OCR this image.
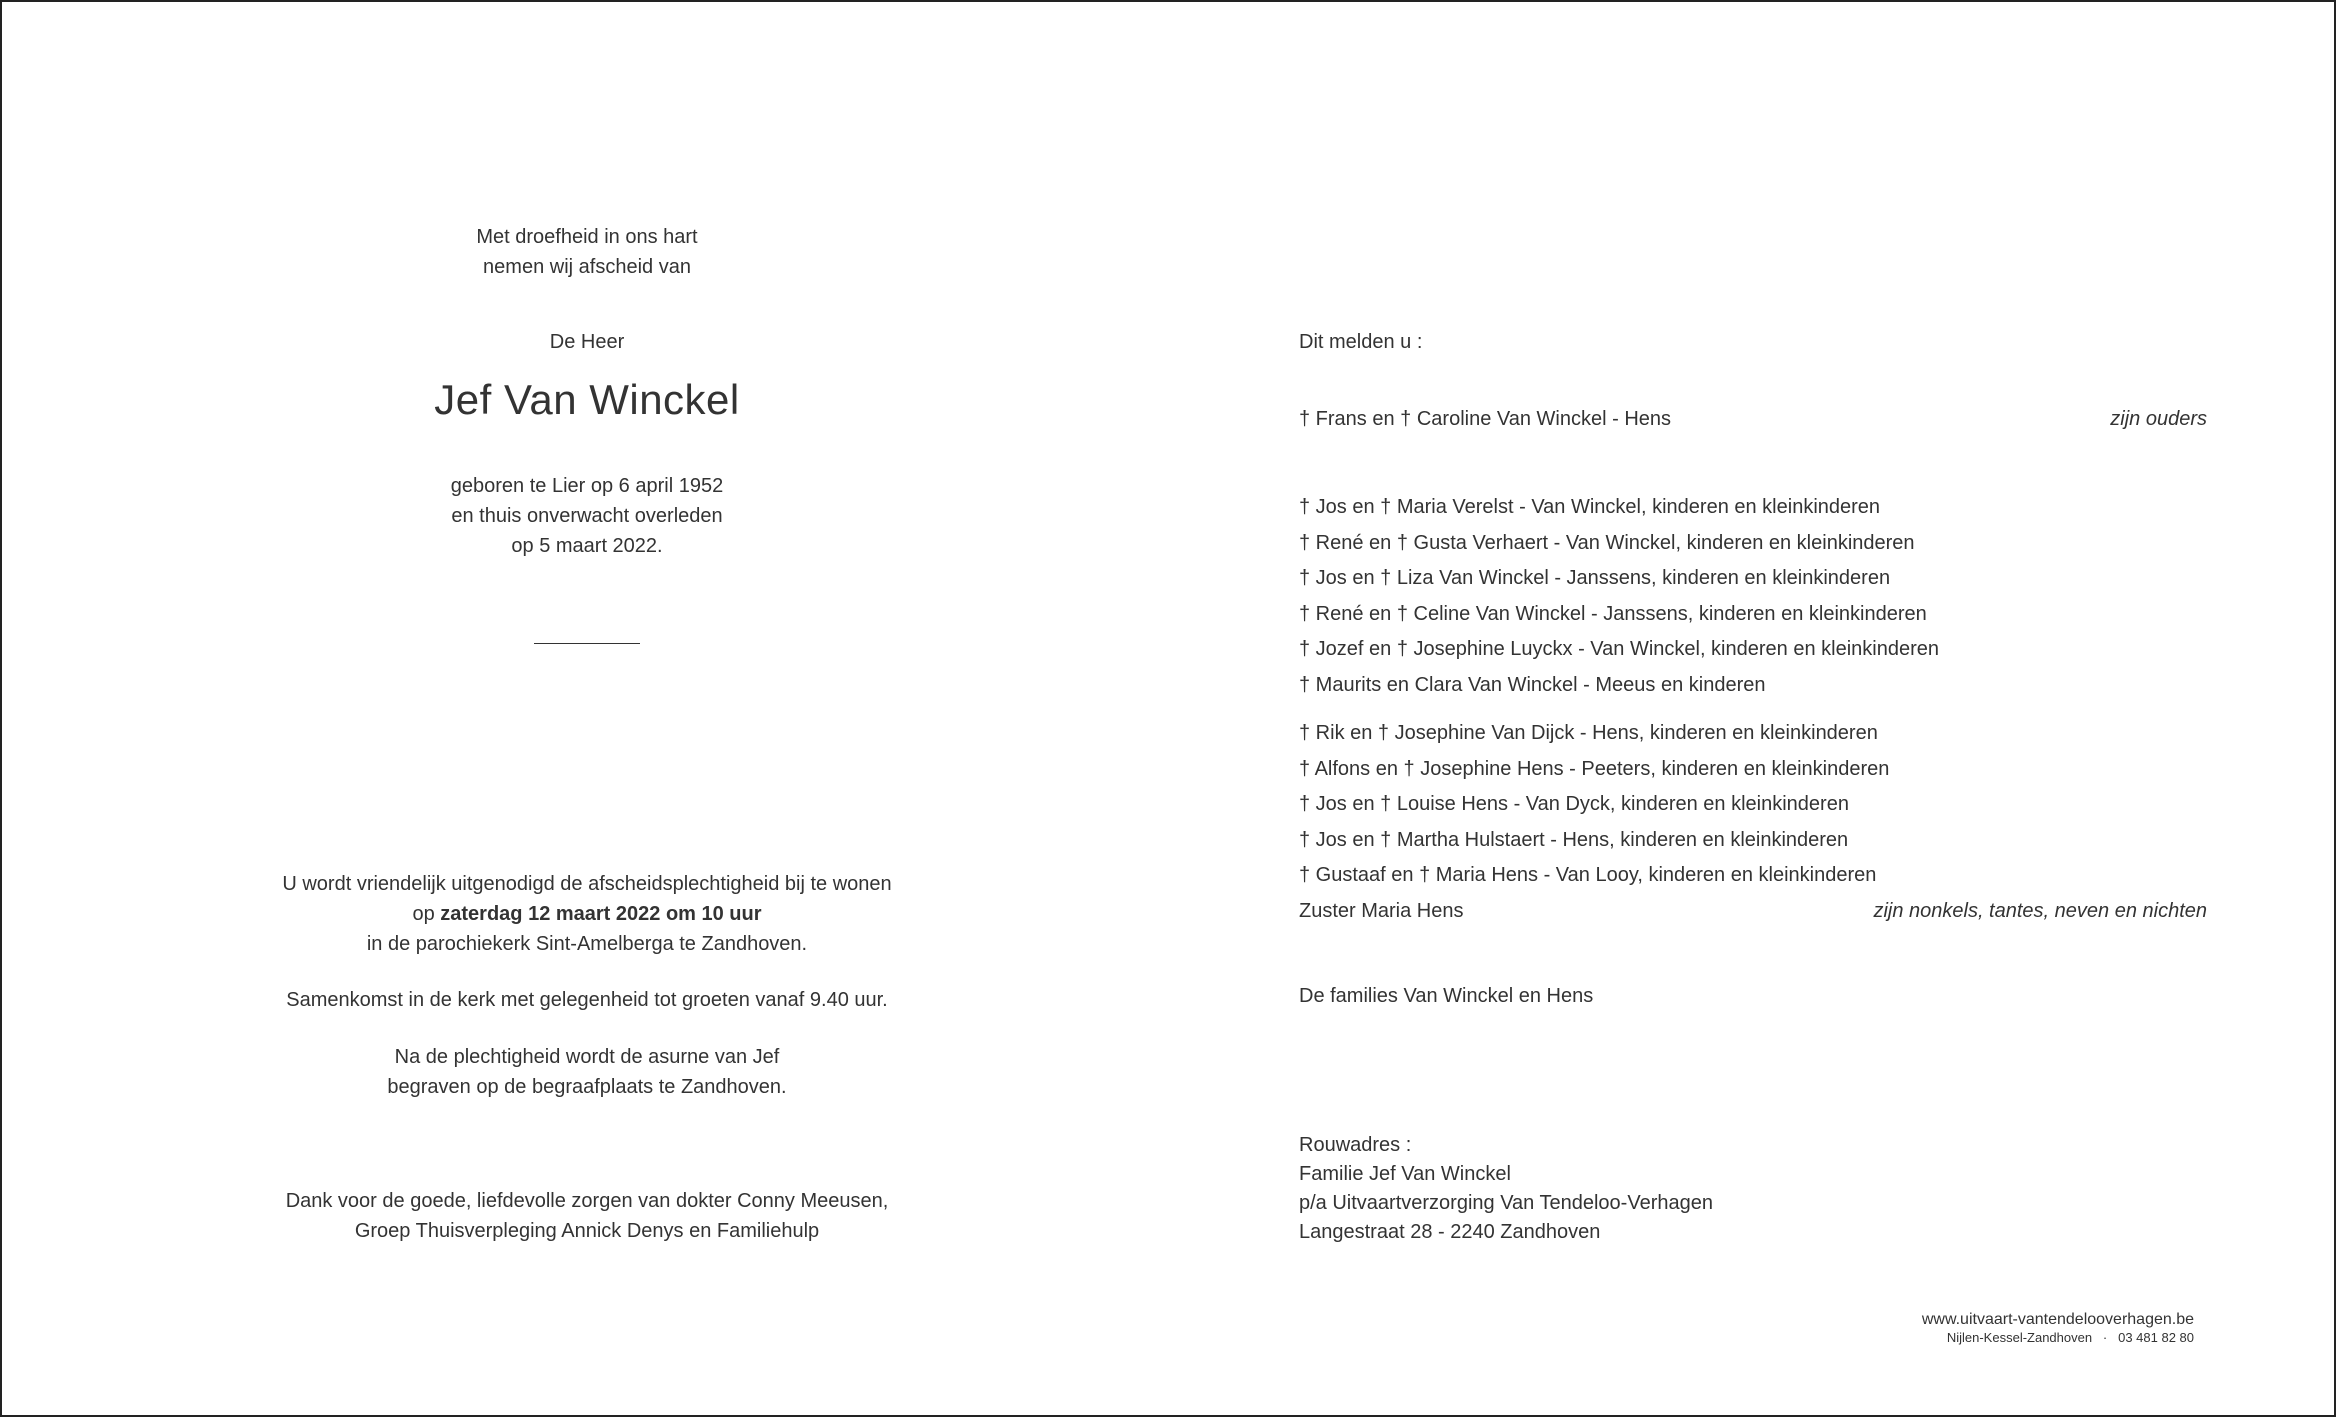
Met droefheid in ons hart

nemen wij afscheid van

De Heer

Jef Van Winckel

geboren te Lier op 6 april 1952

en thuis onverwacht overleden

op 5 maart 2022.

U wordt vriendelijk uitgenodigd de afscheidsplechtigheid bij te wonen

op zaterdag 12 maart 2022 om 10 uur

in de parochiekerk Sint-Amelberga te Zandhoven.

Samenkomst in de kerk met gelegenheid tot groeten vanaf 9.40 uur.

Na de plechtigheid wordt de asurne van Jef

begraven op de begraafplaats te Zandhoven.

Dank voor de goede, liefdevolle zorgen van dokter Conny Meeusen,

Groep Thuisverpleging Annick Denys en Familiehulp

Dit melden u :
† Frans en † Caroline Van Winckel - Hens	zijn ouders
† Jos en † Maria Verelst - Van Winckel, kinderen en kleinkinderen
† René en † Gusta Verhaert - Van Winckel, kinderen en kleinkinderen
† Jos en † Liza Van Winckel - Janssens, kinderen en kleinkinderen
† René en † Celine Van Winckel - Janssens, kinderen en kleinkinderen
† Jozef en † Josephine Luyckx - Van Winckel, kinderen en kleinkinderen
† Maurits en Clara Van Winckel - Meeus en kinderen
† Rik en † Josephine Van Dijck - Hens, kinderen en kleinkinderen
† Alfons en † Josephine Hens - Peeters, kinderen en kleinkinderen
† Jos en † Louise Hens - Van Dyck, kinderen en kleinkinderen
† Jos en † Martha Hulstaert - Hens, kinderen en kleinkinderen
† Gustaaf en † Maria Hens - Van Looy, kinderen en kleinkinderen
Zuster Maria Hens	zijn nonkels, tantes, neven en nichten
De families Van Winckel en Hens
Rouwadres :
Familie Jef Van Winckel
p/a Uitvaartverzorging Van Tendeloo-Verhagen
Langestraat 28 - 2240 Zandhoven
www.uitvaart-vantendelooverhagen.be
Nijlen-Kessel-Zandhoven   ·   03 481 82 80
